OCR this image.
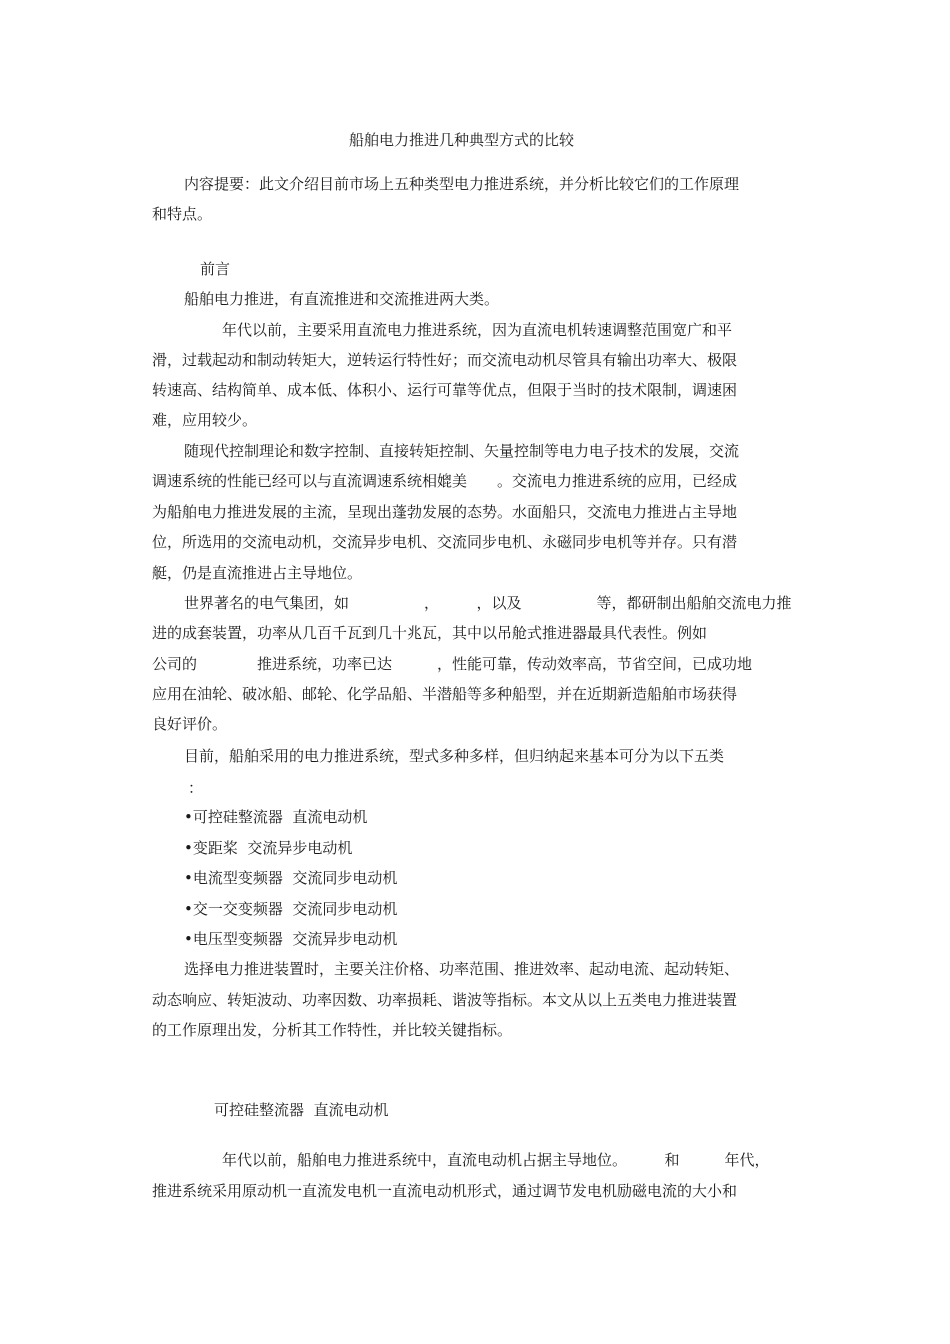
船舶电力推进几种典型方式的比较
内容提要：此文介绍目前市场上五种类型电力推进系统，并分析比较它们的工作原理
和特点。
前言
船舶电力推进，有直流推进和交流推进两大类。
年代以前，主要采用直流电力推进系统，因为直流电机转速调整范围宽广和平
滑，过载起动和制动转矩大，逆转运行特性好；而交流电动机尽管具有输出功率大、极限
转速高、结构简单、成本低、体积小、运行可靠等优点，但限于当时的技术限制，调速困
难，应用较少。
随现代控制理论和数字控制、直接转矩控制、矢量控制等电力电子技术的发展，交流
调速系统的性能已经可以与直流调速系统相媲美　　。交流电力推进系统的应用，已经成
为船舶电力推进发展的主流，呈现出蓬勃发展的态势。水面船只，交流电力推进占主导地
位，所选用的交流电动机，交流异步电机、交流同步电机、永磁同步电机等并存。只有潜
艇，仍是直流推进占主导地位。
世界著名的电气集团，如　　　　　，　　　，以及　　　　　等，都研制出船舶交流电力推
进的成套装置，功率从几百千瓦到几十兆瓦，其中以吊舱式推进器最具代表性。例如
公司的　　　　推进系统，功率已达　　　，性能可靠，传动效率高，节省空间，已成功地
应用在油轮、破冰船、邮轮、化学品船、半潜船等多种船型，并在近期新造船舶市场获得
良好评价。
目前，船舶采用的电力推进系统，型式多种多样，但归纳起来基本可分为以下五类
：
•可控硅整流器  直流电动机
•变距桨  交流异步电动机
•电流型变频器  交流同步电动机
•交一交变频器  交流同步电动机
•电压型变频器  交流异步电动机
选择电力推进装置时，主要关注价格、功率范围、推进效率、起动电流、起动转矩、
动态响应、转矩波动、功率因数、功率损耗、谐波等指标。本文从以上五类电力推进装置
的工作原理出发，分析其工作特性，并比较关键指标。
可控硅整流器  直流电动机
年代以前，船舶电力推进系统中，直流电动机占据主导地位。　　　和　　　年代，
推进系统采用原动机一直流发电机一直流电动机形式，通过调节发电机励磁电流的大小和
